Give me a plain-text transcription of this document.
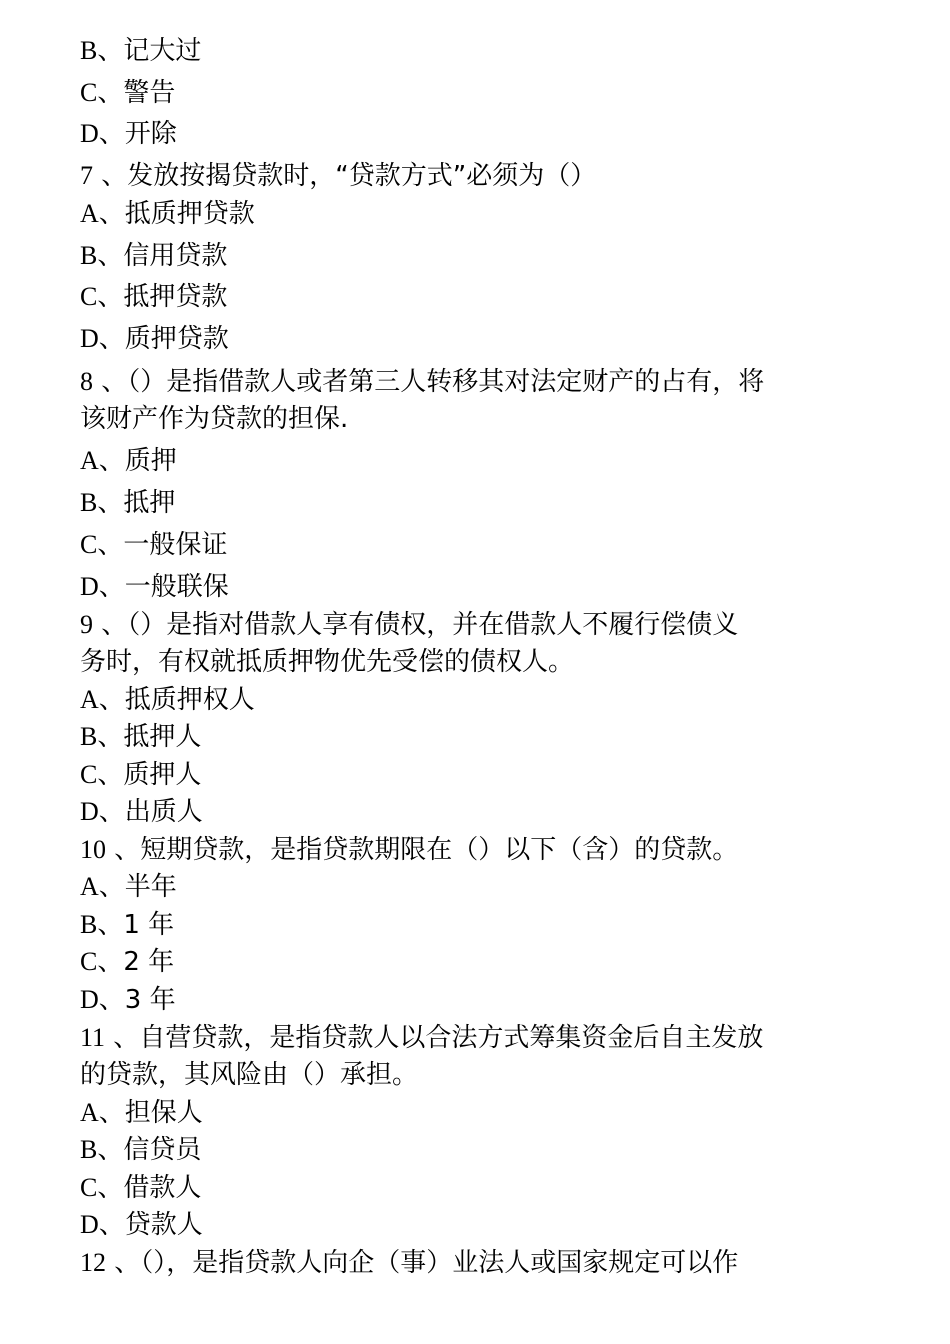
B、记大过
C、警告
D、开除
7 、发放按揭贷款时，“贷款方式”必须为（）
A、抵质押贷款
B、信用贷款
C、抵押贷款
D、质押贷款
8 、（）是指借款人或者第三人转移其对法定财产的占有，将
该财产作为贷款的担保.
A、质押
B、抵押
C、一般保证
D、一般联保
9 、（）是指对借款人享有债权，并在借款人不履行偿债义
务时，有权就抵质押物优先受偿的债权人。
A、抵质押权人
B、抵押人
C、质押人
D、出质人
10 、短期贷款，是指贷款期限在（）以下（含）的贷款。
A、半年
B、1 年
C、2 年
D、3 年
11 、自营贷款，是指贷款人以合法方式筹集资金后自主发放
的贷款，其风险由（）承担。
A、担保人
B、信贷员
C、借款人
D、贷款人
12 、（），是指贷款人向企（事）业法人或国家规定可以作
